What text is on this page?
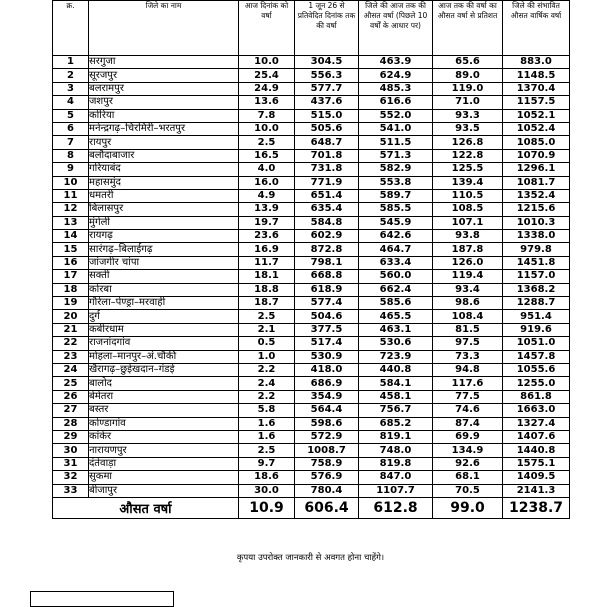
क्र.	जिले का नाम	आज दिनांक को वर्षा	1 जून 26 से प्रतिवेदित दिनांक तक की वर्षा	जिले की आज तक की औसत वर्षा (पिछले 10 वर्षों के आधार पर)	आज तक की वर्षा का औसत वर्षा से प्रतिशत	जिले की संभावित औसत वार्षिक वर्षा
1	सरगुजा	10.0	304.5	463.9	65.6	883.0
2	सूरजपुर	25.4	556.3	624.9	89.0	1148.5
3	बलरामपुर	24.9	577.7	485.3	119.0	1370.4
4	जशपुर	13.6	437.6	616.6	71.0	1157.5
5	कोरिया	7.8	515.0	552.0	93.3	1052.1
6	मनेन्द्रगढ़–चिरमिरी–भरतपुर	10.0	505.6	541.0	93.5	1052.4
7	रायपुर	2.5	648.7	511.5	126.8	1085.0
8	बलौदाबाजार	16.5	701.8	571.3	122.8	1070.9
9	गरियाबंद	4.0	731.8	582.9	125.5	1296.1
10	महासमुंद	16.0	771.9	553.8	139.4	1081.7
11	धमतरी	4.9	651.4	589.7	110.5	1352.4
12	बिलासपुर	13.9	635.4	585.5	108.5	1215.6
13	मुंगेली	19.7	584.8	545.9	107.1	1010.3
14	रायगढ़	23.6	602.9	642.6	93.8	1338.0
15	सारंगढ़–बिलाईगढ़	16.9	872.8	464.7	187.8	979.8
16	जांजगीर चांपा	11.7	798.1	633.4	126.0	1451.8
17	सक्ती	18.1	668.8	560.0	119.4	1157.0
18	कोरबा	18.8	618.9	662.4	93.4	1368.2
19	गौरेला–पेण्ड्रा–मरवाही	18.7	577.4	585.6	98.6	1288.7
20	दुर्ग	2.5	504.6	465.5	108.4	951.4
21	कबीरधाम	2.1	377.5	463.1	81.5	919.6
22	राजनांदगांव	0.5	517.4	530.6	97.5	1051.0
23	मोहला–मानपुर–अं.चौकी	1.0	530.9	723.9	73.3	1457.8
24	खैरागढ़–छुईखदान–गंडई	2.2	418.0	440.8	94.8	1055.6
25	बालोद	2.4	686.9	584.1	117.6	1255.0
26	बेमेतरा	2.2	354.9	458.1	77.5	861.8
27	बस्तर	5.8	564.4	756.7	74.6	1663.0
28	कोण्डागांव	1.6	598.6	685.2	87.4	1327.4
29	कांकेर	1.6	572.9	819.1	69.9	1407.6
30	नारायणपुर	2.5	1008.7	748.0	134.9	1440.8
31	दंतेवाड़ा	9.7	758.9	819.8	92.6	1575.1
32	सुकमा	18.6	576.9	847.0	68.1	1409.5
33	बीजापुर	30.0	780.4	1107.7	70.5	2141.3
औसत वर्षा		10.9	606.4	612.8	99.0	1238.7
कृपया उपरोक्त जानकारी से अवगत होना चाहेंगे।
